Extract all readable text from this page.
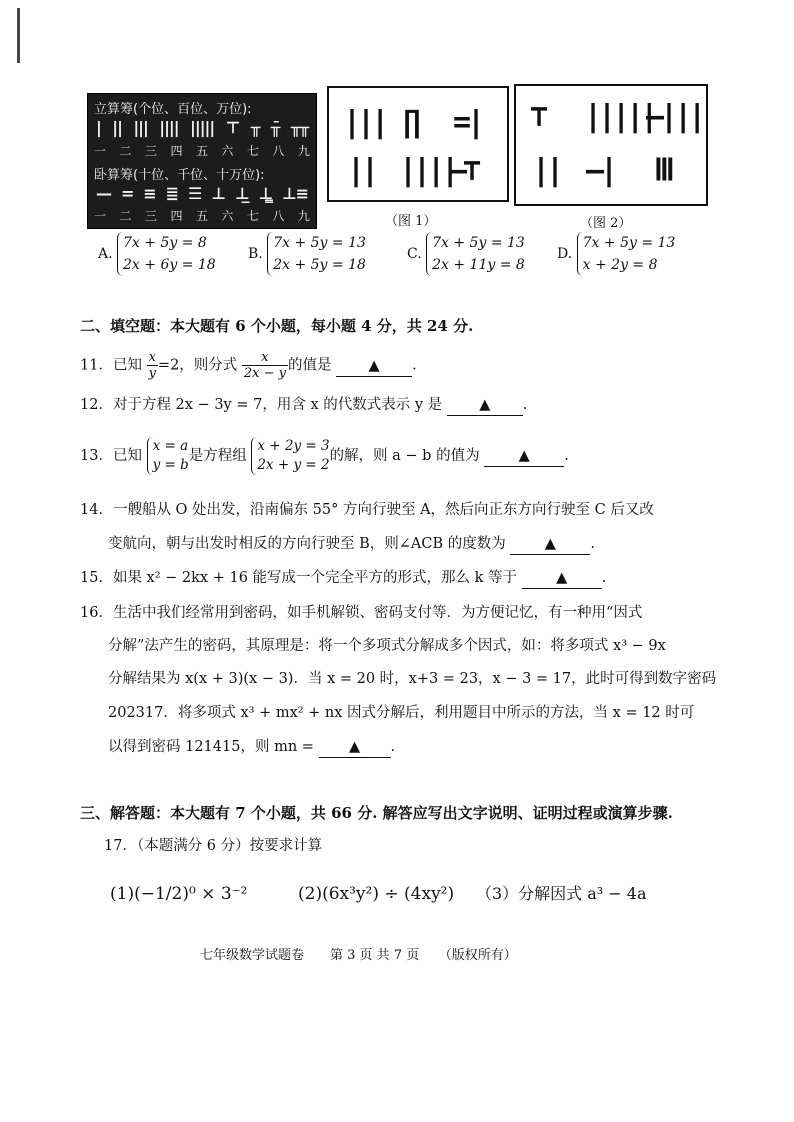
立算筹(个位、百位、万位):
| || ||| |||| ||||| ⊤ ╥ ╥̄ ╥╥
一 二 三 四 五 六 七 八 九
卧算筹(十位、千位、十万位):
— = ≡ ≣ ☰ ⊥ ⊥̲ ⊥̳ ⊥≡
一 二 三 四 五 六 七 八 九
||| ∏ =|
|| ||||
—⊤
（图 1）
⊤ |||||
—|||
|| —| Ⅲ
（图 2）
A.
7x + 5y = 8
2x + 6y = 18
B.
7x + 5y = 13
2x + 5y = 18
C.
7x + 5y = 13
2x + 11y = 8
D.
7x + 5y = 13
x + 2y = 8
二、填空题：本大题有 6 个小题，每小题 4 分，共 24 分.
11．已知 $\frac{x}{y} =2$，则分式 $\frac{x}{2x - y}$ 的值是	▲ .
12．对于方程 2x − 3y = 7，用含 x 的代数式表示 y 是	▲ .
13．已知
x = a
y = b
是方程组
x + 2y = 3
2x + y = 2
的解，则 a − b 的值为	▲ .
14．一艘船从 O 处出发，沿南偏东 55° 方向行驶至 A，然后向正东方向行驶至 C 后又改
变航向，朝与出发时相反的方向行驶至 B，则∠ACB 的度数为	▲ .
15．如果 x² − 2kx + 16 能写成一个完全平方的形式，那么 k 等于	▲ .
16．生活中我们经常用到密码，如手机解锁、密码支付等．为方便记忆，有一种用“因式
分解”法产生的密码，其原理是：将一个多项式分解成多个因式，如：将多项式 x³ − 9x
分解结果为 x(x + 3)(x − 3)．当 x = 20 时，x+3 = 23，x − 3 = 17，此时可得到数字密码
202317．将多项式 x³ + mx² + nx 因式分解后，利用题目中所示的方法，当 x = 12 时可
以得到密码 121415，则 mn = ▲ .
三、解答题：本大题有 7 个小题，共 66 分. 解答应写出文字说明、证明过程或演算步骤.
17．（本题满分 6 分）按要求计算
(1)(−1/2)⁰ × 3⁻²	(2)(6x³y²) ÷ (4xy²) （3）分解因式 a³ − 4a
七年级数学试题卷　　第 3 页 共 7 页　　（版权所有）
